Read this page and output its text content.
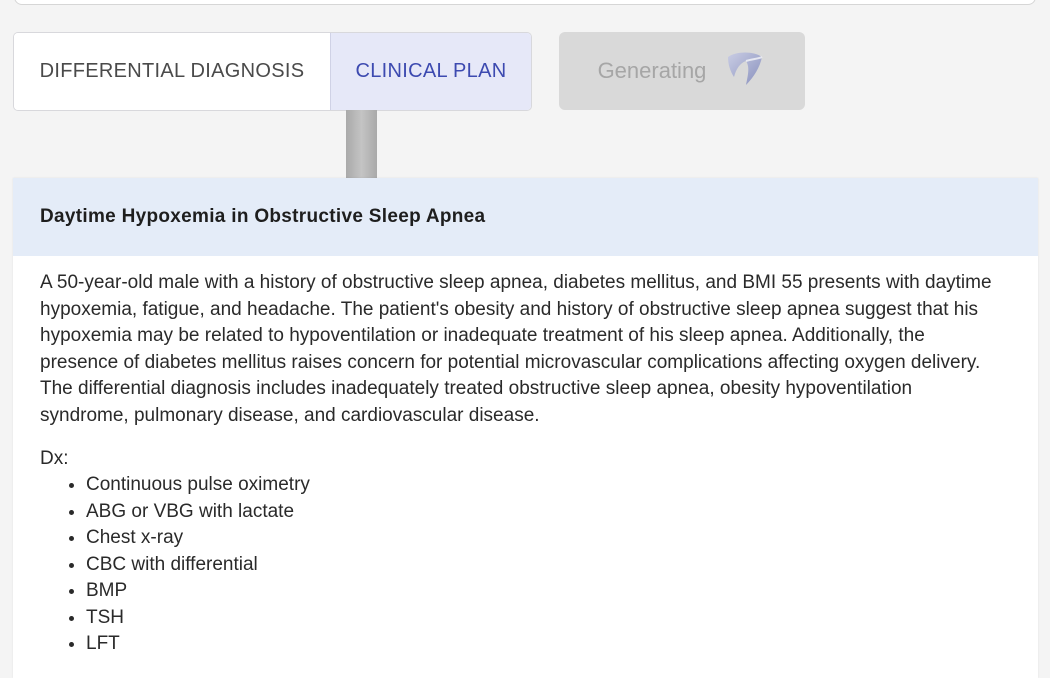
DIFFERENTIAL DIAGNOSIS	CLINICAL PLAN	Generating
Daytime Hypoxemia in Obstructive Sleep Apnea

A 50-year-old male with a history of obstructive sleep apnea, diabetes mellitus, and BMI 55 presents with daytime hypoxemia, fatigue, and headache. The patient's obesity and history of obstructive sleep apnea suggest that his hypoxemia may be related to hypoventilation or inadequate treatment of his sleep apnea. Additionally, the presence of diabetes mellitus raises concern for potential microvascular complications affecting oxygen delivery. The differential diagnosis includes inadequately treated obstructive sleep apnea, obesity hypoventilation syndrome, pulmonary disease, and cardiovascular disease.

Dx:
• Continuous pulse oximetry
• ABG or VBG with lactate
• Chest x-ray
• CBC with differential
• BMP
• TSH
• LFT
